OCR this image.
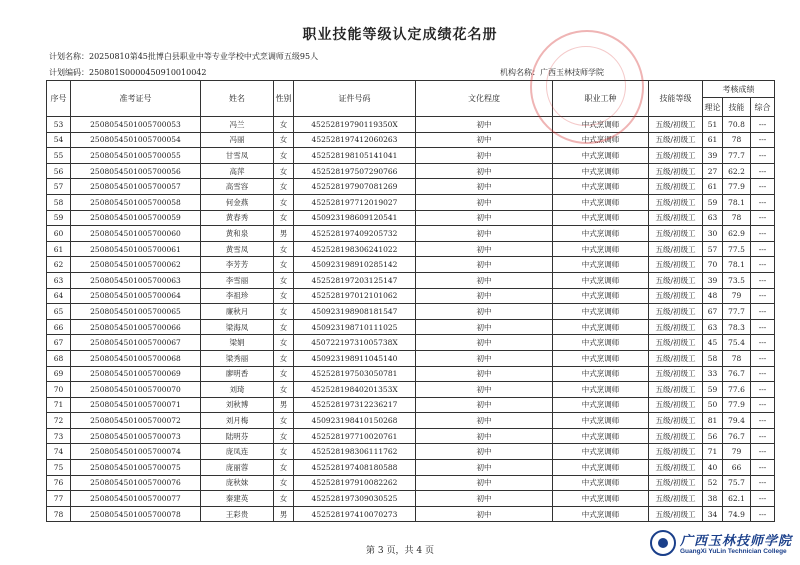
职业技能等级认定成绩花名册
计划名称：20250810第45批博白县职业中等专业学校中式烹调师五级95人
计划编码：250801S000045091001004​2	机构名称：广西玉林技师学院
序号	准考证号	姓名	性别	证件号码	文化程度	职业工种	技能等级	考核成绩		
								理论	技能	综合
53	250805450100570005​3	冯兰	女	452528197901193​50X	初中	中式烹调师	五级/初级工	51	70.8	---
54	2508054501005700054	冯丽	女	452528197412060263	初中	中式烹调师	五级/初级工	61	78	---
55	2508054501005700055	甘雪凤	女	452528198105141041	初中	中式烹调师	五级/初级工	39	77.7	---
56	2508054501005700056	高萍	女	452528197507290766	初中	中式烹调师	五级/初级工	27	62.2	---
57	2508054501005700057	高雪容	女	452528197907081269	初中	中式烹调师	五级/初级工	61	77.9	---
58	2508054501005700058	何金燕	女	452528197712019027	初中	中式烹调师	五级/初级工	59	78.1	---
59	2508054501005700059	黄春秀	女	450923198609120541	初中	中式烹调师	五级/初级工	63	78	---
60	2508054501005700060	黄和泉	男	452528197409205732	初中	中式烹调师	五级/初级工	30	62.9	---
61	2508054501005700061	黄雪凤	女	452528198306241022	初中	中式烹调师	五级/初级工	57	77.5	---
62	2508054501005700062	李芳芳	女	450923198910285142	初中	中式烹调师	五级/初级工	70	78.1	---
63	2508054501005700063	李雪丽	女	452528197203125147	初中	中式烹调师	五级/初级工	39	73.5	---
64	2508054501005700064	李祖珍	女	452528197012101062	初中	中式烹调师	五级/初级工	48	79	---
65	2508054501005700065	廉秋月	女	450923198908181547	初中	中式烹调师	五级/初级工	67	77.7	---
66	2508054501005700066	梁海凤	女	450923198710111025	初中	中式烹调师	五级/初级工	63	78.3	---
67	2508054501005700067	梁娟	女	45072219731005738X	初中	中式烹调师	五级/初级工	45	75.4	---
68	2508054501005700068	梁秀丽	女	450923198911045140	初中	中式烹调师	五级/初级工	58	78	---
69	2508054501005700069	廖明香	女	452528197503050781	初中	中式烹调师	五级/初级工	33	76.7	---
70	2508054501005700070	刘琦	女	45252819840201353X	初中	中式烹调师	五级/初级工	59	77.6	---
71	2508054501005700071	刘秋博	男	452528197312236217	初中	中式烹调师	五级/初级工	50	77.9	---
72	2508054501005700072	刘月梅	女	450923198410150268	初中	中式烹调师	五级/初级工	81	79.4	---
73	2508054501005700073	陆明芬	女	452528197710020761	初中	中式烹调师	五级/初级工	56	76.7	---
74	2508054501005700074	庞凤连	女	452528198306111762	初中	中式烹调师	五级/初级工	71	79	---
75	2508054501005700075	庞丽蓉	女	452528197408180588	初中	中式烹调师	五级/初级工	40	66	---
76	2508054501005700076	庞秋妹	女	452528197910082262	初中	中式烹调师	五级/初级工	52	75.7	---
77	2508054501005700077	秦建英	女	452528197309030525	初中	中式烹调师	五级/初级工	38	62.1	---
78	2508054501005700078	王彩贵	男	452528197410070273	初中	中式烹调师	五级/初级工	34	74.9	---
第 3 页，共 4 页
广西玉林技师学院
GuangXi YuLin Technician College
